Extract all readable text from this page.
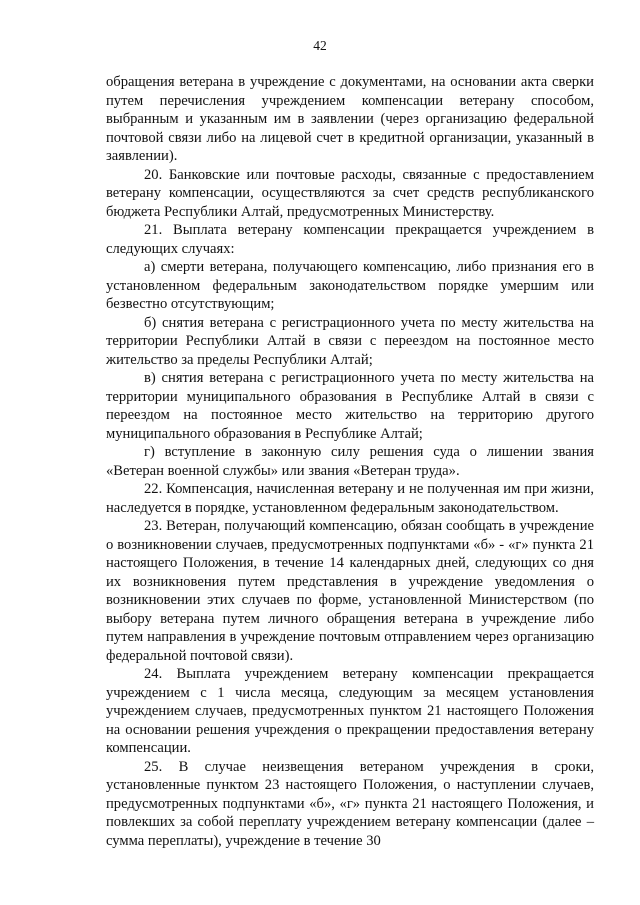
42

обращения ветерана в учреждение с документами, на основании акта сверки путем перечисления учреждением компенсации ветерану способом, выбранным и указанным им в заявлении (через организацию федеральной почтовой связи либо на лицевой счет в кредитной организации, указанный в заявлении).

20. Банковские или почтовые расходы, связанные с предоставлением ветерану компенсации, осуществляются за счет средств республиканского бюджета Республики Алтай, предусмотренных Министерству.

21. Выплата ветерану компенсации прекращается учреждением в следующих случаях:

а) смерти ветерана, получающего компенсацию, либо признания его в установленном федеральным законодательством порядке умершим или безвестно отсутствующим;

б) снятия ветерана с регистрационного учета по месту жительства на территории Республики Алтай в связи с переездом на постоянное место жительство за пределы Республики Алтай;

в) снятия ветерана с регистрационного учета по месту жительства на территории муниципального образования в Республике Алтай в связи с переездом на постоянное место жительство на территорию другого муниципального образования в Республике Алтай;

г) вступление в законную силу решения суда о лишении звания «Ветеран военной службы» или звания «Ветеран труда».

22. Компенсация, начисленная ветерану и не полученная им при жизни, наследуется в порядке, установленном федеральным законодательством.

23. Ветеран, получающий компенсацию, обязан сообщать в учреждение о возникновении случаев, предусмотренных подпунктами «б» - «г» пункта 21 настоящего Положения, в течение 14 календарных дней, следующих со дня их возникновения путем представления в учреждение уведомления о возникновении этих случаев по форме, установленной Министерством (по выбору ветерана путем личного обращения ветерана в учреждение либо путем направления в учреждение почтовым отправлением через организацию федеральной почтовой связи).

24. Выплата учреждением ветерану компенсации прекращается учреждением с 1 числа месяца, следующим за месяцем установления учреждением случаев, предусмотренных пунктом 21 настоящего Положения на основании решения учреждения о прекращении предоставления ветерану компенсации.

25. В случае неизвещения ветераном учреждения в сроки, установленные пунктом 23 настоящего Положения, о наступлении случаев, предусмотренных подпунктами «б», «г» пункта 21 настоящего Положения, и повлекших за собой переплату учреждением ветерану компенсации (далее – сумма переплаты), учреждение в течение 30
